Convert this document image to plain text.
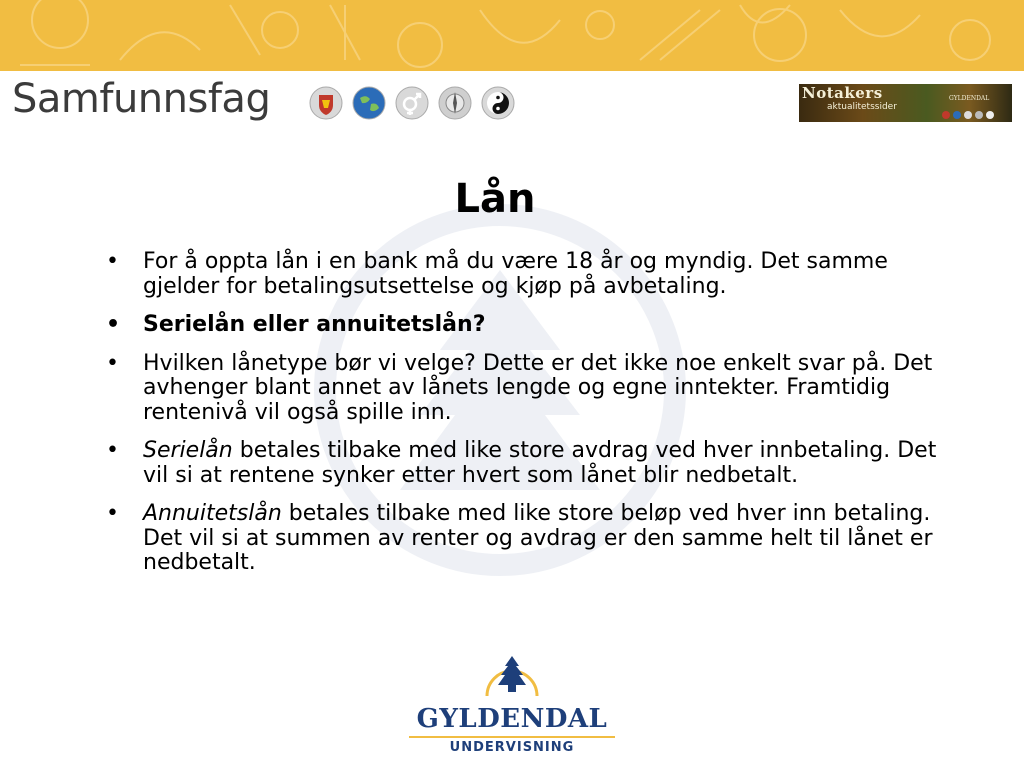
Samfunnsfag	Notakers
aktualitetssider
GYLDENDAL
Lån
• For å oppta lån i en bank må du være 18 år og myndig. Det samme gjelder for betalingsutsettelse og kjøp på avbetaling.
• Serielån eller annuitetslån?
• Hvilken lånetype bør vi velge? Dette er det ikke noe enkelt svar på. Det avhenger blant annet av lånets lengde og egne inntekter. Framtidig rentenivå vil også spille inn.
• Serielån betales tilbake med like store avdrag ved hver innbetaling. Det vil si at rentene synker etter hvert som lånet blir nedbetalt.
• Annuitetslån betales tilbake med like store beløp ved hver inn betaling. Det vil si at summen av renter og avdrag er den samme helt til lånet er nedbetalt.
GYLDENDAL
UNDERVISNING
